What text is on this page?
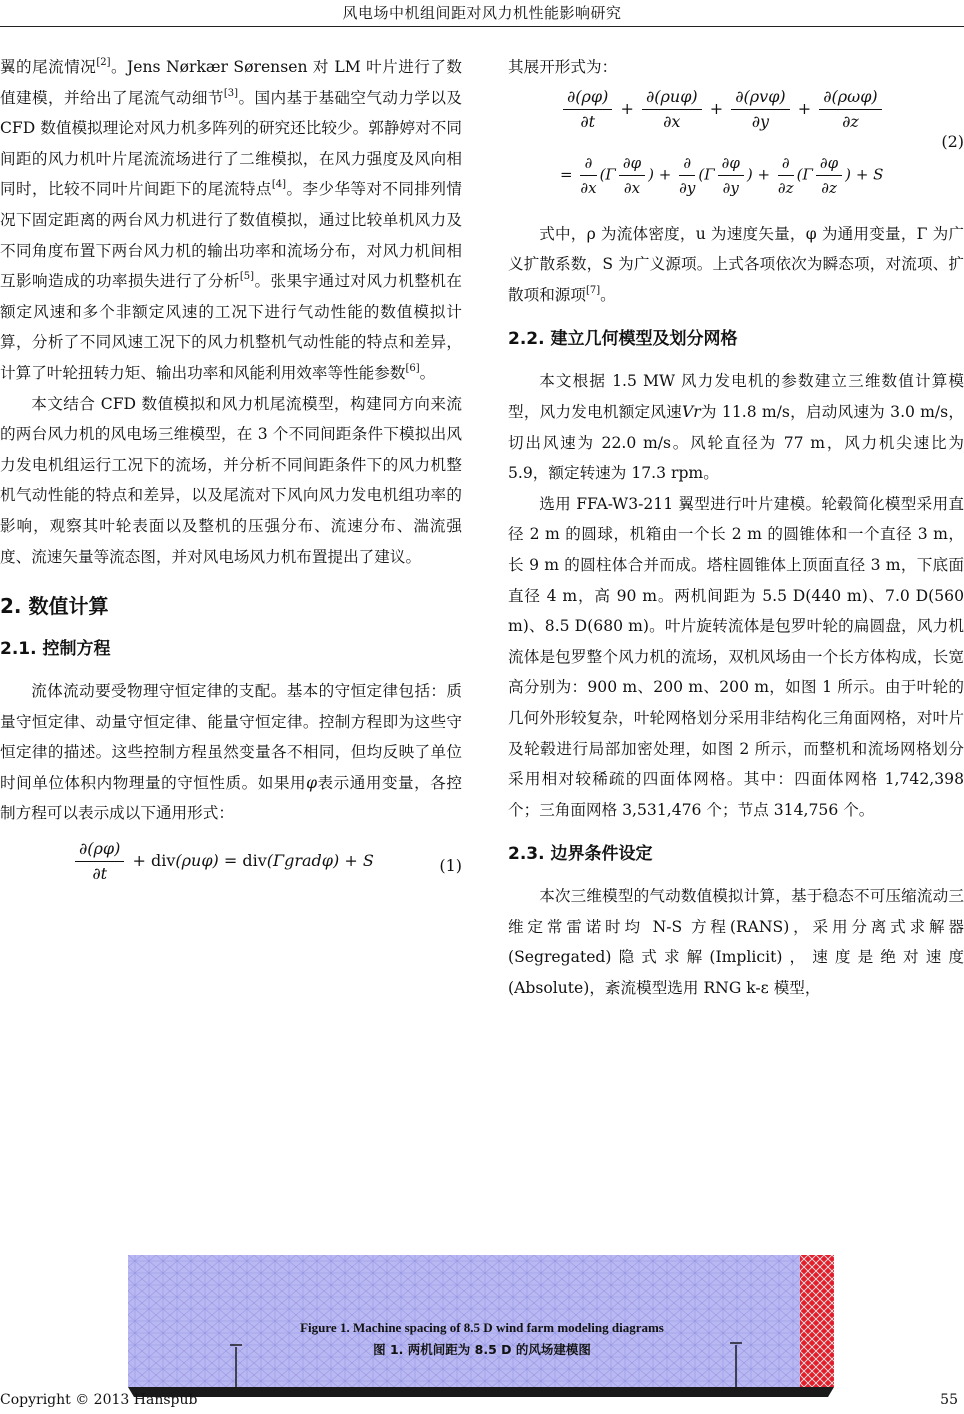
风电场中机组间距对风力机性能影响研究

翼的尾流情况[2]。Jens Nørkær Sørensen 对 LM 叶片进行了数值建模，并给出了尾流气动细节[3]。国内基于基础空气动力学以及 CFD 数值模拟理论对风力机多阵列的研究还比较少。郭静婷对不同间距的风力机叶片尾流流场进行了二维模拟，在风力强度及风向相同时，比较不同叶片间距下的尾流特点[4]。李少华等对不同排列情况下固定距离的两台风力机进行了数值模拟，通过比较单机风力及不同角度布置下两台风力机的输出功率和流场分布，对风力机间相互影响造成的功率损失进行了分析[5]。张果宇通过对风力机整机在额定风速和多个非额定风速的工况下进行气动性能的数值模拟计算，分析了不同风速工况下的风力机整机气动性能的特点和差异，计算了叶轮扭转力矩、输出功率和风能利用效率等性能参数[6]。

本文结合 CFD 数值模拟和风力机尾流模型，构建同方向来流的两台风力机的风电场三维模型，在 3 个不同间距条件下模拟出风力发电机组运行工况下的流场，并分析不同间距条件下的风力机整机气动性能的特点和差异，以及尾流对下风向风力发电机组功率的影响，观察其叶轮表面以及整机的压强分布、流速分布、湍流强度、流速矢量等流态图，并对风电场风力机布置提出了建议。

2. 数值计算
2.1. 控制方程

流体流动要受物理守恒定律的支配。基本的守恒定律包括：质量守恒定律、动量守恒定律、能量守恒定律。控制方程即为这些守恒定律的描述。这些控制方程虽然变量各不相同，但均反映了单位时间单位体积内物理量的守恒性质。如果用φ表示通用变量，各控制方程可以表示成以下通用形式：

$\frac{\partial(\rho\varphi)}{\partial t} + div(\rho u\varphi)$ = div(Γgradφ) + S	(1)

其展开形式为：

$\frac{\partial(\rho\varphi)}{\partial t} + \frac{\text{∂(ρuφ)}}{\partial x} + \frac{\text{∂(ρvφ)}}{\partial y} + \frac{\text{∂(ρωφ)}}{\partial z}$
(2)
= $\frac{\partial}{\partial x} (\Gamma \frac{\partial\varphi}{\partial x}$ ) + $\frac{\partial}{\partial y} (\Gamma \frac{\partial\varphi}{\partial y}$ ) + $\frac{\partial}{\partial z} (\Gamma \frac{\partial\varphi}{\partial z}$ ) + S

式中，ρ 为流体密度，u 为速度矢量，φ 为通用变量，Γ 为广义扩散系数，S 为广义源项。上式各项依次为瞬态项，对流项、扩散项和源项[7]。

2.2. 建立几何模型及划分网格

本文根据 1.5 MW 风力发电机的参数建立三维数值计算模型，风力发电机额定风速Vr为 11.8 m/s，启动风速为 3.0 m/s，切出风速为 22.0 m/s。风轮直径为 77 m，风力机尖速比为 5.9，额定转速为 17.3 rpm。

选用 FFA-W3-211 翼型进行叶片建模。轮毂简化模型采用直径 2 m 的圆球，机箱由一个长 2 m 的圆锥体和一个直径 3 m，长 9 m 的圆柱体合并而成。塔柱圆锥体上顶面直径 3 m，下底面直径 4 m，高 90 m。两机间距为 5.5 D(440 m)、7.0 D(560 m)、8.5 D(680 m)。叶片旋转流体是包罗叶轮的扁圆盘，风力机流体是包罗整个风力机的流场，双机风场由一个长方体构成，长宽高分别为：900 m、200 m、200 m，如图 1 所示。由于叶轮的几何外形较复杂，叶轮网格划分采用非结构化三角面网格，对叶片及轮毂进行局部加密处理，如图 2 所示，而整机和流场网格划分采用相对较稀疏的四面体网格。其中：四面体网格 1,742,398 个；三角面网格 3,531,476 个；节点 314,756 个。

2.3. 边界条件设定

本次三维模型的气动数值模拟计算，基于稳态不可压缩流动三维定常雷诺时均 N-S 方程(RANS)，采用分离式求解器(Segregated)隐式求解(Implicit)，速度是绝对速度(Absolute)，紊流模型选用 RNG k-ε 模型，

Figure 1. Machine spacing of 8.5 D wind farm modeling diagrams
图 1. 两机间距为 8.5 D 的风场建模图
Copyright © 2013 Hanspub	55
